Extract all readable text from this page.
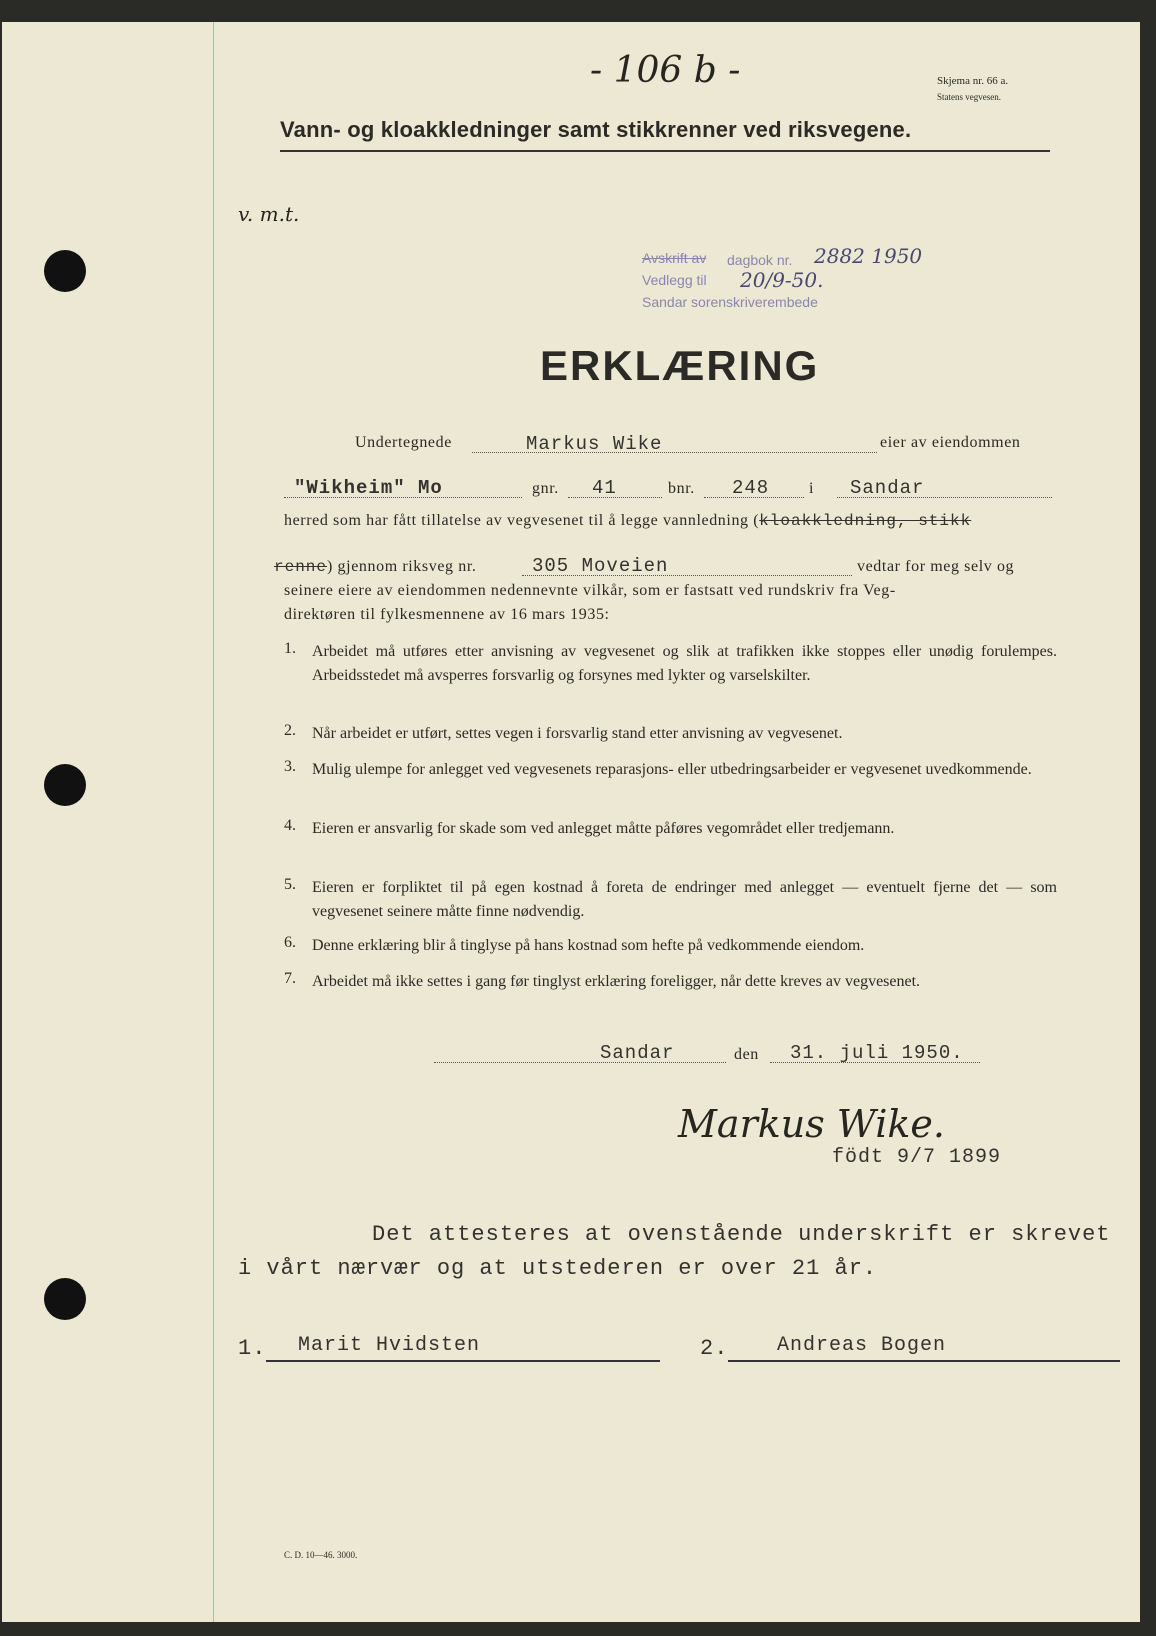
- 106 b -	Skjema nr. 66 a.
Statens vegvesen.
Vann- og kloakkledninger samt stikkrenner ved riksvegene.
v. m.t.
Avskrift av dagbok nr. 2882 1950
Vedlegg til 20/9-50.
Sandar sorenskriverembede
ERKLÆRING
Undertegnede	Markus Wike	eier av eiendommen
"Wikheim" Mo	gnr. 41	bnr. 248 i Sandar
herred som har fått tillatelse av vegvesenet til å legge vannledning (kloakkledning, stikk
renne) gjennom riksveg nr.	305 Moveien	vedtar for meg selv og
seinere eiere av eiendommen nedennevnte vilkår, som er fastsatt ved rundskriv fra Veg-
direktøren til fylkesmennene av 16 mars 1935:
1. Arbeidet må utføres etter anvisning av vegvesenet og slik at trafikken ikke stoppes eller unødig forulempes. Arbeidsstedet må avsperres forsvarlig og forsynes med lykter og varselskilter.
2. Når arbeidet er utført, settes vegen i forsvarlig stand etter anvisning av vegvesenet.
3. Mulig ulempe for anlegget ved vegvesenets reparasjons- eller utbedringsarbeider er vegvesenet uvedkommende.
4. Eieren er ansvarlig for skade som ved anlegget måtte påføres vegområdet eller tredjemann.
5. Eieren er forpliktet til på egen kostnad å foreta de endringer med anlegget — eventuelt fjerne det — som vegvesenet seinere måtte finne nødvendig.
6. Denne erklæring blir å tinglyse på hans kostnad som hefte på vedkommende eiendom.
7. Arbeidet må ikke settes i gang før tinglyst erklæring foreligger, når dette kreves av vegvesenet.
Sandar	den 31. juli 1950.
Markus Wike.
födt 9/7 1899
Det attesteres at ovenstående underskrift er skrevet
i vårt nærvær og at utstederen er over 21 år.
1. Marit Hvidsten	2. Andreas Bogen
C. D. 10—46. 3000.
